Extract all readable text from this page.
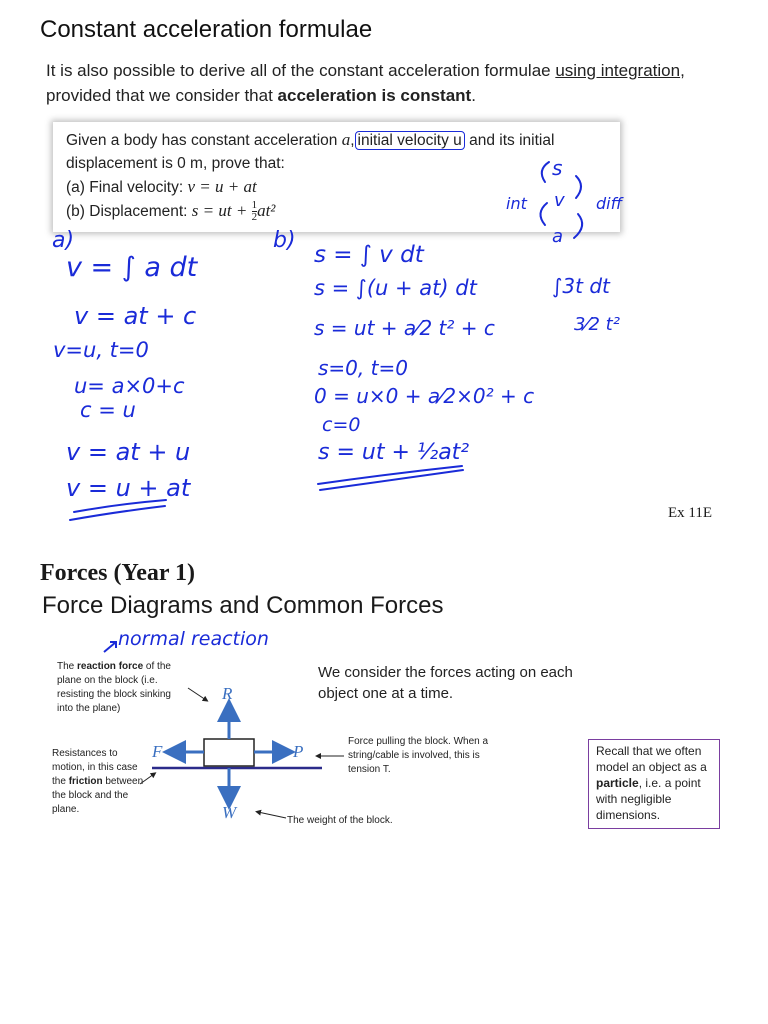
Constant acceleration formulae
It is also possible to derive all of the constant acceleration formulae using integration, provided that we consider that acceleration is constant.
Given a body has constant acceleration a, initial velocity u and its initial
displacement is 0 m, prove that:
(a) Final velocity: v = u + at
(b) Displacement: s = ut + $\frac{1}{2} at^2$
a)	b)
v = ∫ a dt
v = at + c
v=u, t=0
u= a×0+c
c = u
v = at + u
v = u + at
s = ∫ v dt
s = ∫(u + at) dt
s = ut + a⁄2 t² + c
s=0, t=0
0 = u×0 + a⁄2×0² + c
c=0
s = ut + ½at²
int	diff
s
v
a
∫3t dt
3⁄2 t²
Ex 11E
Forces (Year 1)
Force Diagrams and Common Forces
normal reaction
The reaction force of the plane on the block (i.e. resisting the block sinking into the plane)
Resistances to motion, in this case the friction between the block and the plane.
Force pulling the block. When a string/cable is involved, this is tension T.
The weight of the block.
R
F	P
W
We consider the forces acting on each object one at a time.
Recall that we often model an object as a particle, i.e. a point with negligible dimensions.
